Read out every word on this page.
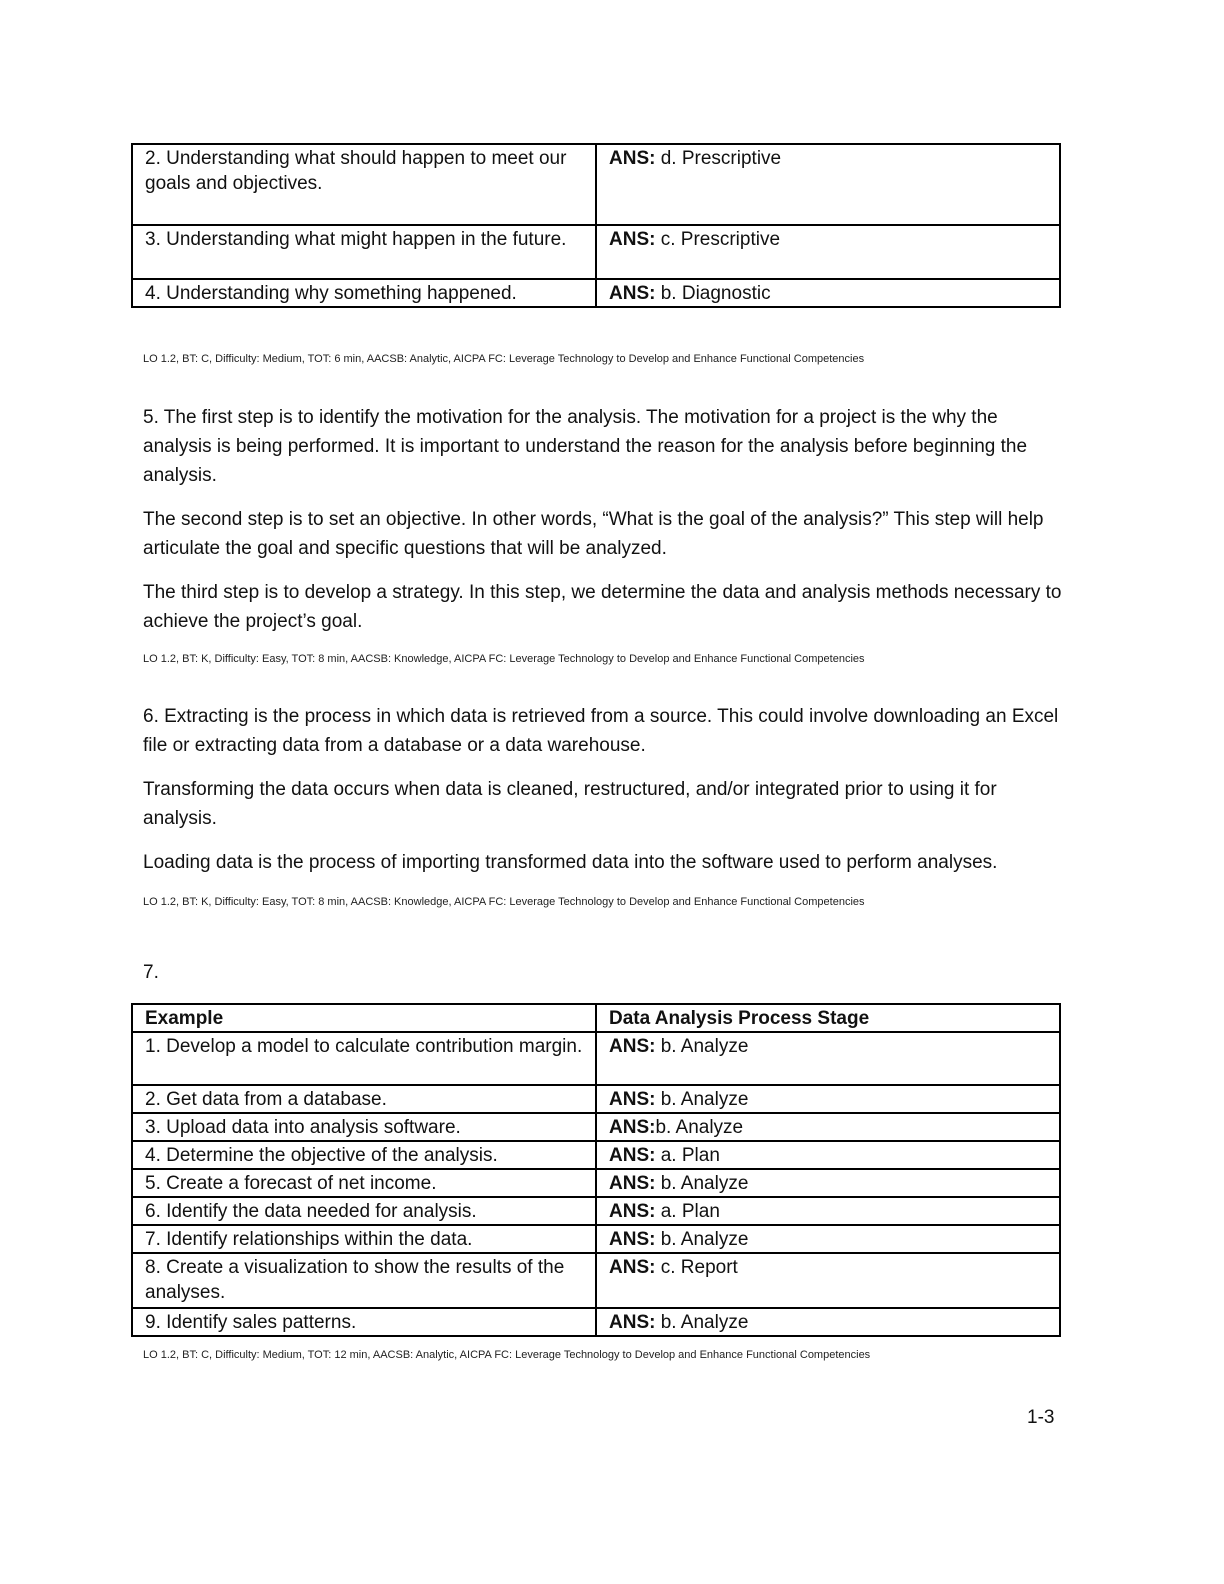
2. Understanding what should happen to meet our goals and objectives.	ANS: d. Prescriptive
3. Understanding what might happen in the future.	ANS: c. Prescriptive
4. Understanding why something happened.	ANS: b. Diagnostic
LO 1.2, BT: C, Difficulty: Medium, TOT: 6 min, AACSB: Analytic, AICPA FC: Leverage Technology to Develop and Enhance Functional Competencies

5. The first step is to identify the motivation for the analysis. The motivation for a project is the why the analysis is being performed. It is important to understand the reason for the analysis before beginning the analysis.

The second step is to set an objective. In other words, “What is the goal of the analysis?” This step will help articulate the goal and specific questions that will be analyzed.

The third step is to develop a strategy. In this step, we determine the data and analysis methods necessary to achieve the project’s goal.

LO 1.2, BT: K, Difficulty: Easy, TOT: 8 min, AACSB: Knowledge, AICPA FC: Leverage Technology to Develop and Enhance Functional Competencies

6. Extracting is the process in which data is retrieved from a source. This could involve downloading an Excel file or extracting data from a database or a data warehouse.

Transforming the data occurs when data is cleaned, restructured, and/or integrated prior to using it for analysis.

Loading data is the process of importing transformed data into the software used to perform analyses.

LO 1.2, BT: K, Difficulty: Easy, TOT: 8 min, AACSB: Knowledge, AICPA FC: Leverage Technology to Develop and Enhance Functional Competencies
7.
Example	Data Analysis Process Stage
1. Develop a model to calculate contribution margin.	ANS: b. Analyze
2. Get data from a database.	ANS: b. Analyze
3. Upload data into analysis software.	ANS:b. Analyze
4. Determine the objective of the analysis.	ANS: a. Plan
5. Create a forecast of net income.	ANS: b. Analyze
6. Identify the data needed for analysis.	ANS: a. Plan
7. Identify relationships within the data.	ANS: b. Analyze
8. Create a visualization to show the results of the analyses.	ANS: c. Report
9. Identify sales patterns.	ANS: b. Analyze
LO 1.2, BT: C, Difficulty: Medium, TOT: 12 min, AACSB: Analytic, AICPA FC: Leverage Technology to Develop and Enhance Functional Competencies
1-3
